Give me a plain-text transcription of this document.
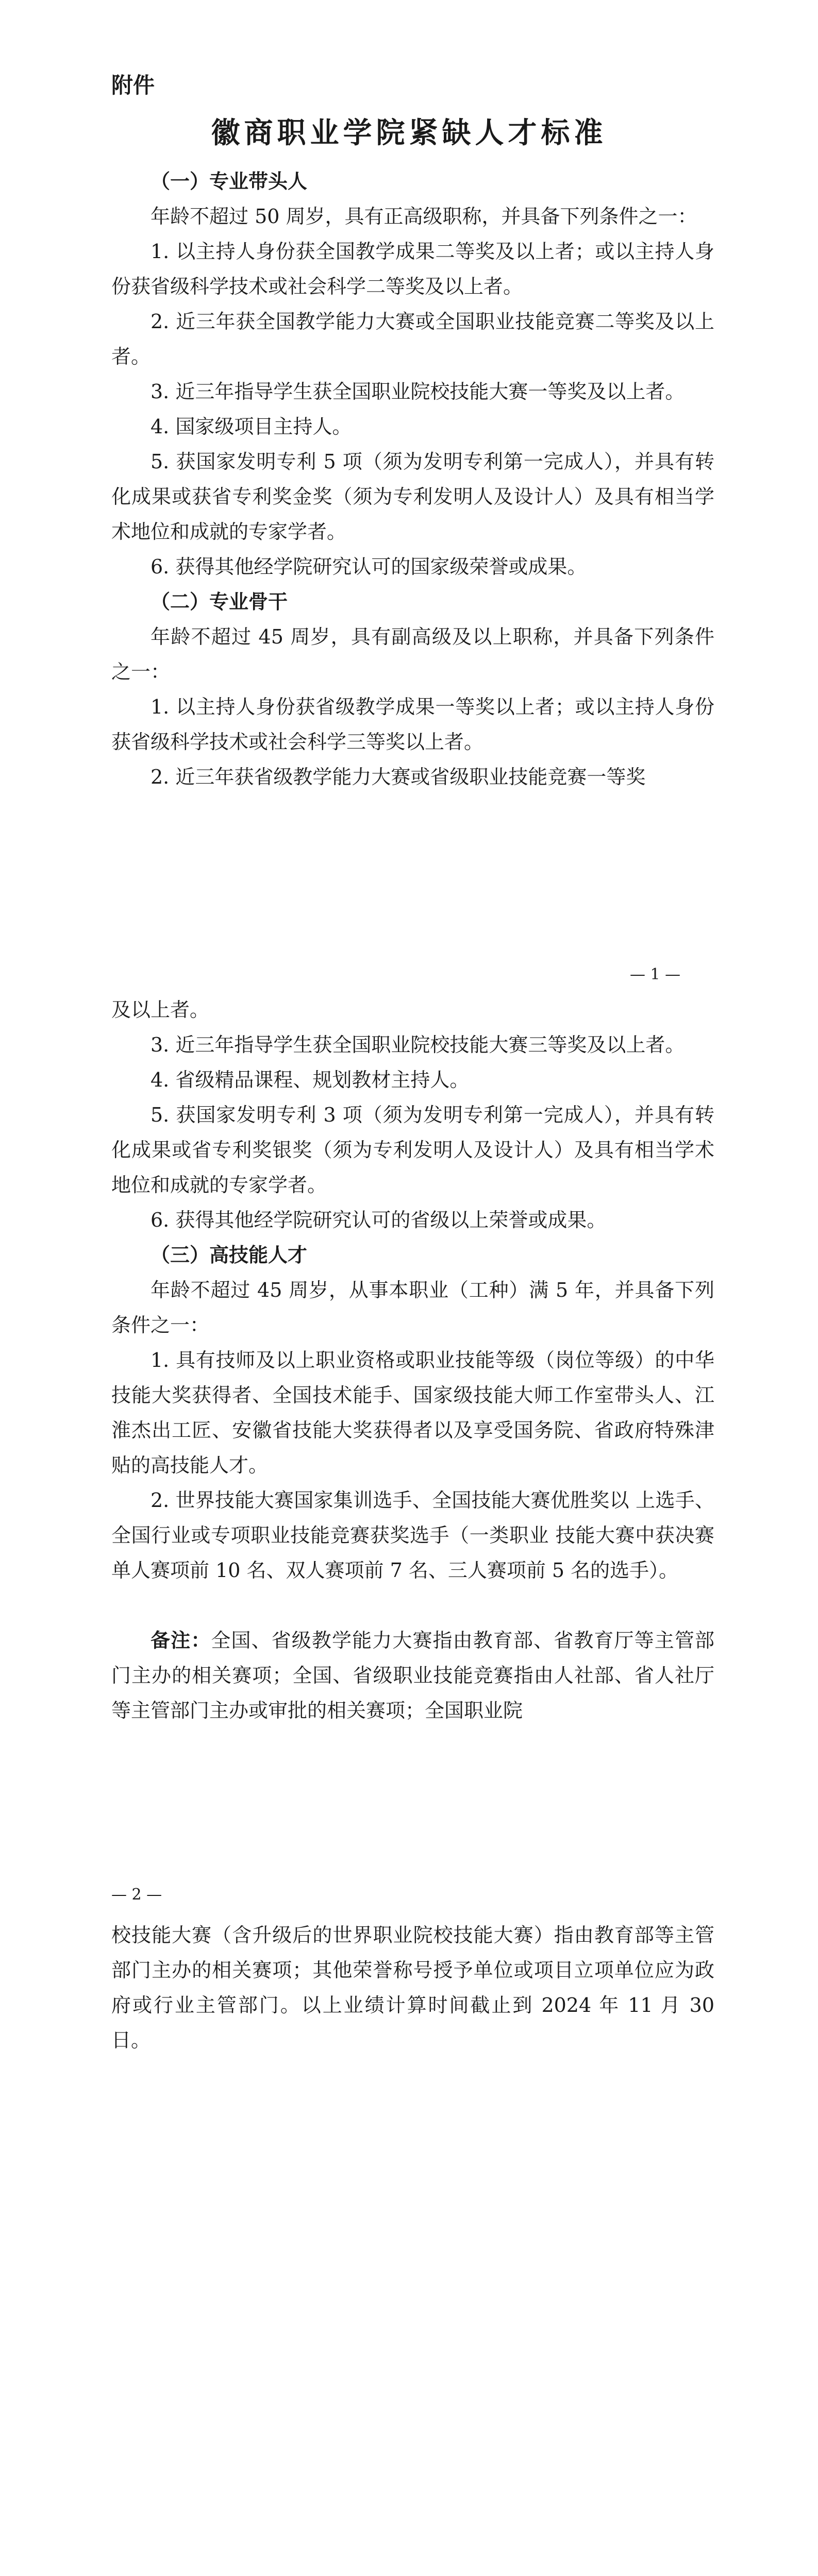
附件

徽商职业学院紧缺人才标准

（一）专业带头人

年龄不超过 50 周岁，具有正高级职称，并具备下列条件之一：

1. 以主持人身份获全国教学成果二等奖及以上者；或以主持人身份获省级科学技术或社会科学二等奖及以上者。

2. 近三年获全国教学能力大赛或全国职业技能竞赛二等奖及以上者。

3. 近三年指导学生获全国职业院校技能大赛一等奖及以上者。

4. 国家级项目主持人。

5. 获国家发明专利 5 项（须为发明专利第一完成人），并具有转化成果或获省专利奖金奖（须为专利发明人及设计人）及具有相当学术地位和成就的专家学者。

6. 获得其他经学院研究认可的国家级荣誉或成果。

（二）专业骨干

年龄不超过 45 周岁，具有副高级及以上职称，并具备下列条件之一：

1. 以主持人身份获省级教学成果一等奖以上者；或以主持人身份获省级科学技术或社会科学三等奖以上者。

2. 近三年获省级教学能力大赛或省级职业技能竞赛一等奖

— 1 —

及以上者。

3. 近三年指导学生获全国职业院校技能大赛三等奖及以上者。

4. 省级精品课程、规划教材主持人。

5. 获国家发明专利 3 项（须为发明专利第一完成人），并具有转化成果或省专利奖银奖（须为专利发明人及设计人）及具有相当学术地位和成就的专家学者。

6. 获得其他经学院研究认可的省级以上荣誉或成果。

（三）高技能人才

年龄不超过 45 周岁，从事本职业（工种）满 5 年，并具备下列条件之一：

1. 具有技师及以上职业资格或职业技能等级（岗位等级）的中华技能大奖获得者、全国技术能手、国家级技能大师工作室带头人、江淮杰出工匠、安徽省技能大奖获得者以及享受国务院、省政府特殊津贴的高技能人才。

2. 世界技能大赛国家集训选手、全国技能大赛优胜奖以 上选手、全国行业或专项职业技能竞赛获奖选手（一类职业 技能大赛中获决赛单人赛项前 10 名、双人赛项前 7 名、三人赛项前 5 名的选手）。

备注：全国、省级教学能力大赛指由教育部、省教育厅等主管部门主办的相关赛项；全国、省级职业技能竞赛指由人社部、省人社厅等主管部门主办或审批的相关赛项；全国职业院

— 2 —

校技能大赛（含升级后的世界职业院校技能大赛）指由教育部等主管部门主办的相关赛项；其他荣誉称号授予单位或项目立项单位应为政府或行业主管部门。以上业绩计算时间截止到 2024 年 11 月 30 日。
